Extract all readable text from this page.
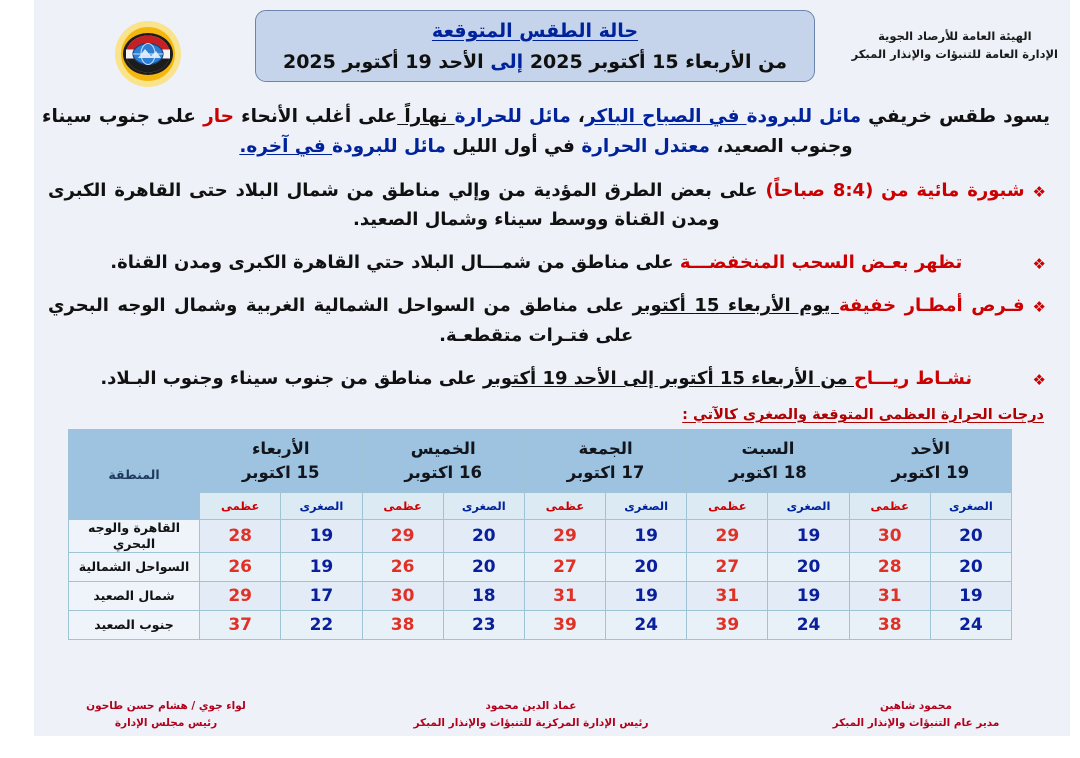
الهيئة العامة للأرصاد الجوية
الإدارة العامة للتنبؤات والإنذار المبكر
حالة الطقس المتوقعة
من الأربعاء 15 أكتوبر 2025 إلى الأحد 19 أكتوبر 2025
يسود طقس خريفي مائل للبرودة في الصباح الباكر، مائل للحرارة نهاراً على أغلب الأنحاء حار على جنوب سيناء وجنوب الصعيد، معتدل الحرارة في أول الليل مائل للبرودة في آخره.
❖
شبورة مائية من (8:4 صباحاً) على بعض الطرق المؤدية من وإلي مناطق من شمال البلاد حتى القاهرة الكبرى ومدن القناة ووسط سيناء وشمال الصعيد.
❖
تظهر بعـض السحب المنخفضـــة على مناطق من شمـــال البلاد حتي القاهرة الكبرى ومدن القناة.
❖
فـرص أمطـار خفيفة يوم الأربعاء 15 أكتوبر على مناطق من السواحل الشمالية الغربية وشمال الوجه البحري على فتـرات متقطعـة.
❖
نشـاط ريـــاح من الأربعاء 15 أكتوبر إلى الأحد 19 أكتوبر على مناطق من جنوب سيناء وجنوب البـلاد.
درجات الحرارة العظمى المتوقعة والصغرى كالآتي :
الأحد
19 اكتوبر

السبت
18 اكتوبر

الجمعة
17 اكتوبر

الخميس
16 اكتوبر

الأربعاء
15 اكتوبر
	المنطقة
الصغرى	عظمى	الصغرى	عظمى	الصغرى	عظمى	الصغرى	عظمى	الصغرى	عظمى	
20	30	19	29	19	29	20	29	19	28	القاهرة والوجه البحري
20	28	20	27	20	27	20	26	19	26	السواحل الشمالية
19	31	19	31	19	31	18	30	17	29	شمال الصعيد
24	38	24	39	24	39	23	38	22	37	جنوب الصعيد
محمود شاهين
مدير عام التنبؤات والإنذار المبكر
عماد الدين محمود
رئيس الإدارة المركزية للتنبؤات والإنذار المبكر
لواء جوي / هشام حسن طاحون
رئيس مجلس الإدارة
